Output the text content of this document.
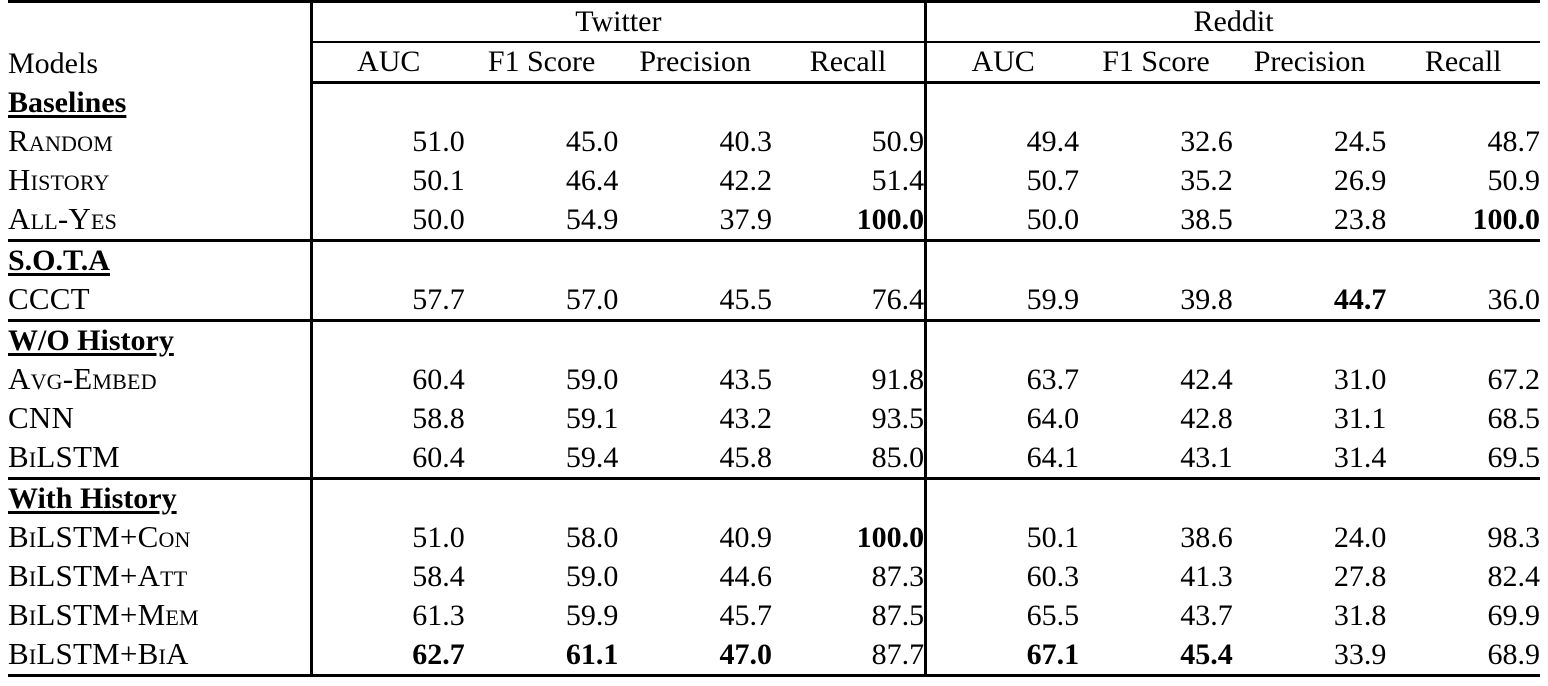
Models	Twitter				Reddit			
	AUC	F1 Score	Precision	Recall	AUC	F1 Score	Precision	Recall
Baselines								
Random	51.0	45.0	40.3	50.9	49.4	32.6	24.5	48.7
History	50.1	46.4	42.2	51.4	50.7	35.2	26.9	50.9
All-Yes	50.0	54.9	37.9	100.0	50.0	38.5	23.8	100.0
S.O.T.A								
CCCT	57.7	57.0	45.5	76.4	59.9	39.8	44.7	36.0
W/O History								
Avg-Embed	60.4	59.0	43.5	91.8	63.7	42.4	31.0	67.2
CNN	58.8	59.1	43.2	93.5	64.0	42.8	31.1	68.5
BiLSTM	60.4	59.4	45.8	85.0	64.1	43.1	31.4	69.5
With History								
BiLSTM+Con	51.0	58.0	40.9	100.0	50.1	38.6	24.0	98.3
BiLSTM+Att	58.4	59.0	44.6	87.3	60.3	41.3	27.8	82.4
BiLSTM+Mem	61.3	59.9	45.7	87.5	65.5	43.7	31.8	69.9
BiLSTM+BiA	62.7	61.1	47.0	87.7	67.1	45.4	33.9	68.9
